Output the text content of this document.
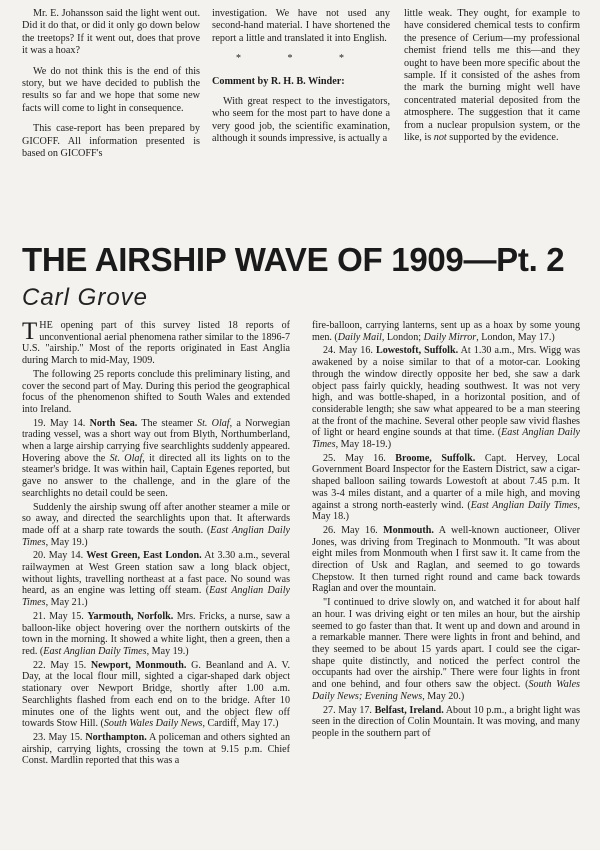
Mr. E. Johansson said the light went out. Did it do that, or did it only go down below the treetops? If it went out, does that prove it was a hoax?

We do not think this is the end of this story, but we have decided to publish the results so far and we hope that some new facts will come to light in consequence.

This case-report has been prepared by GICOFF. All information presented is based on GICOFF's

investigation. We have not used any second-hand material. I have shortened the report a little and translated it into English.

* * *

Comment by R. H. B. Winder:

With great respect to the investigators, who seem for the most part to have done a very good job, the scientific examination, although it sounds impressive, is actually a

little weak. They ought, for example to have considered chemical tests to confirm the presence of Cerium—my professional chemist friend tells me this—and they ought to have been more specific about the sample. If it consisted of the ashes from the mark the burning might well have concentrated material deposited from the atmosphere. The suggestion that it came from a nuclear propulsion system, or the like, is not supported by the evidence.

THE AIRSHIP WAVE OF 1909—Pt. 2
Carl Grove

THE opening part of this survey listed 18 reports of unconventional aerial phenomena rather similar to the 1896-7 U.S. "airship." Most of the reports originated in East Anglia during March to mid-May, 1909.

The following 25 reports conclude this preliminary listing, and cover the second part of May. During this period the geographical focus of the phenomenon shifted to South Wales and extended into Ireland.

19. May 14. North Sea. The steamer St. Olaf, a Norwegian trading vessel, was a short way out from Blyth, Northumberland, when a large airship carrying five searchlights suddenly appeared. Hovering above the St. Olaf, it directed all its lights on to the steamer's bridge. It was within hail, Captain Egenes reported, but gave no answer to the challenge, and in the glare of the searchlights no detail could be seen.

Suddenly the airship swung off after another steamer a mile or so away, and directed the searchlights upon that. It afterwards made off at a sharp rate towards the south. (East Anglian Daily Times, May 19.)

20. May 14. West Green, East London. At 3.30 a.m., several railwaymen at West Green station saw a long black object, without lights, travelling northeast at a fast pace. No sound was heard, as an engine was letting off steam. (East Anglian Daily Times, May 21.)

21. May 15. Yarmouth, Norfolk. Mrs. Fricks, a nurse, saw a balloon-like object hovering over the northern outskirts of the town in the morning. It showed a white light, then a green, then a red. (East Anglian Daily Times, May 19.)

22. May 15. Newport, Monmouth. G. Beanland and A. V. Day, at the local flour mill, sighted a cigar-shaped dark object stationary over Newport Bridge, shortly after 1.00 a.m. Searchlights flashed from each end on to the bridge. After 10 minutes one of the lights went out, and the object flew off towards Stow Hill. (South Wales Daily News, Cardiff, May 17.)

23. May 15. Northampton. A policeman and others sighted an airship, carrying lights, crossing the town at 9.15 p.m. Chief Const. Mardlin reported that this was a

fire-balloon, carrying lanterns, sent up as a hoax by some young men. (Daily Mail, London; Daily Mirror, London, May 17.)

24. May 16. Lowestoft, Suffolk. At 1.30 a.m., Mrs. Wigg was awakened by a noise similar to that of a motor-car. Looking through the window directly opposite her bed, she saw a dark object pass fairly quickly, heading southwest. It was not very high, and was bottle-shaped, in a horizontal position, and of considerable length; she saw what appeared to be a man steering at the front of the machine. Several other people saw vivid flashes of light or heard engine sounds at that time. (East Anglian Daily Times, May 18-19.)

25. May 16. Broome, Suffolk. Capt. Hervey, Local Government Board Inspector for the Eastern District, saw a cigar-shaped balloon sailing towards Lowestoft at about 7.45 p.m. It was 3-4 miles distant, and a quarter of a mile high, and moving against a strong north-easterly wind. (East Anglian Daily Times, May 18.)

26. May 16. Monmouth. A well-known auctioneer, Oliver Jones, was driving from Treginach to Monmouth. "It was about eight miles from Monmouth when I first saw it. It came from the direction of Usk and Raglan, and seemed to go towards Chepstow. It then turned right round and came back towards Raglan and over the mountain.

"I continued to drive slowly on, and watched it for about half an hour. I was driving eight or ten miles an hour, but the airship seemed to go faster than that. It went up and down and around in a remarkable manner. There were lights in front and behind, and they seemed to be about 15 yards apart. I could see the cigar-shape quite distinctly, and noticed the perfect control the occupants had over the airship." There were four lights in front and one behind, and four others saw the object. (South Wales Daily News; Evening News, May 20.)

27. May 17. Belfast, Ireland. About 10 p.m., a bright light was seen in the direction of Colin Mountain. It was moving, and many people in the southern part of
